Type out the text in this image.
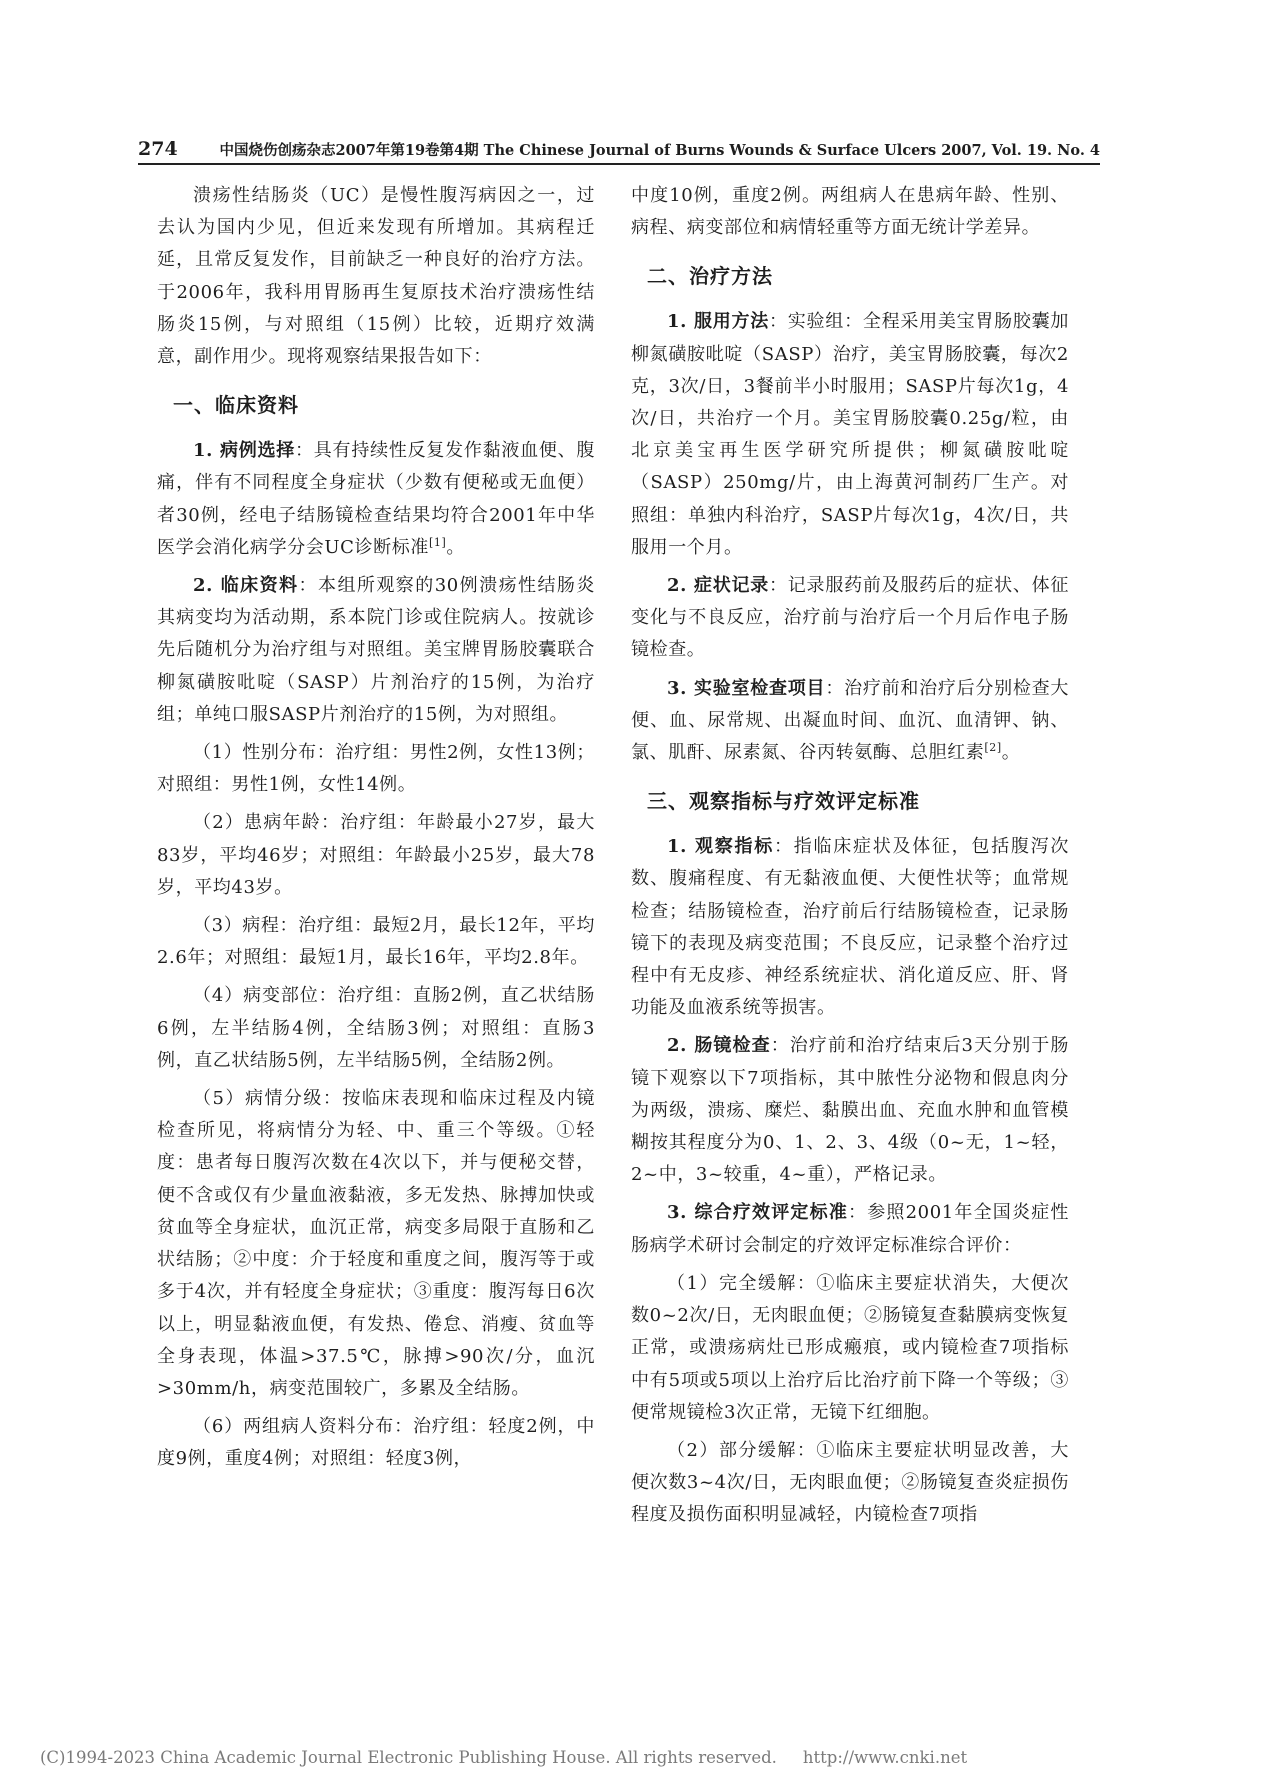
274	中国烧伤创疡杂志2007年第19卷第4期 The Chinese Journal of Burns Wounds & Surface Ulcers 2007, Vol. 19. No. 4

溃疡性结肠炎（UC）是慢性腹泻病因之一，过去认为国内少见，但近来发现有所增加。其病程迁延，且常反复发作，目前缺乏一种良好的治疗方法。于2006年，我科用胃肠再生复原技术治疗溃疡性结肠炎15例，与对照组（15例）比较，近期疗效满意，副作用少。现将观察结果报告如下：

一、临床资料

1. 病例选择：具有持续性反复发作黏液血便、腹痛，伴有不同程度全身症状（少数有便秘或无血便）者30例，经电子结肠镜检查结果均符合2001年中华医学会消化病学分会UC诊断标准[1]。

2. 临床资料：本组所观察的30例溃疡性结肠炎其病变均为活动期，系本院门诊或住院病人。按就诊先后随机分为治疗组与对照组。美宝牌胃肠胶囊联合柳氮磺胺吡啶（SASP）片剂治疗的15例，为治疗组；单纯口服SASP片剂治疗的15例，为对照组。

（1）性别分布：治疗组：男性2例，女性13例；对照组：男性1例，女性14例。

（2）患病年龄：治疗组：年龄最小27岁，最大83岁，平均46岁；对照组：年龄最小25岁，最大78岁，平均43岁。

（3）病程：治疗组：最短2月，最长12年，平均2.6年；对照组：最短1月，最长16年，平均2.8年。

（4）病变部位：治疗组：直肠2例，直乙状结肠6例，左半结肠4例，全结肠3例；对照组：直肠3例，直乙状结肠5例，左半结肠5例，全结肠2例。

（5）病情分级：按临床表现和临床过程及内镜检查所见，将病情分为轻、中、重三个等级。①轻度：患者每日腹泻次数在4次以下，并与便秘交替，便不含或仅有少量血液黏液，多无发热、脉搏加快或贫血等全身症状，血沉正常，病变多局限于直肠和乙状结肠；②中度：介于轻度和重度之间，腹泻等于或多于4次，并有轻度全身症状；③重度：腹泻每日6次以上，明显黏液血便，有发热、倦怠、消瘦、贫血等全身表现，体温>37.5℃，脉搏>90次/分，血沉>30mm/h，病变范围较广，多累及全结肠。

（6）两组病人资料分布：治疗组：轻度2例，中度9例，重度4例；对照组：轻度3例，

中度10例，重度2例。两组病人在患病年龄、性别、病程、病变部位和病情轻重等方面无统计学差异。

二、治疗方法

1. 服用方法：实验组：全程采用美宝胃肠胶囊加柳氮磺胺吡啶（SASP）治疗，美宝胃肠胶囊，每次2克，3次/日，3餐前半小时服用；SASP片每次1g，4次/日，共治疗一个月。美宝胃肠胶囊0.25g/粒，由北京美宝再生医学研究所提供；柳氮磺胺吡啶（SASP）250mg/片，由上海黄河制药厂生产。对照组：单独内科治疗，SASP片每次1g，4次/日，共服用一个月。

2. 症状记录：记录服药前及服药后的症状、体征变化与不良反应，治疗前与治疗后一个月后作电子肠镜检查。

3. 实验室检查项目：治疗前和治疗后分别检查大便、血、尿常规、出凝血时间、血沉、血清钾、钠、氯、肌酐、尿素氮、谷丙转氨酶、总胆红素[2]。

三、观察指标与疗效评定标准

1. 观察指标：指临床症状及体征，包括腹泻次数、腹痛程度、有无黏液血便、大便性状等；血常规检查；结肠镜检查，治疗前后行结肠镜检查，记录肠镜下的表现及病变范围；不良反应，记录整个治疗过程中有无皮疹、神经系统症状、消化道反应、肝、肾功能及血液系统等损害。

2. 肠镜检查：治疗前和治疗结束后3天分别于肠镜下观察以下7项指标，其中脓性分泌物和假息肉分为两级，溃疡、糜烂、黏膜出血、充血水肿和血管模糊按其程度分为0、1、2、3、4级（0~无，1~轻，2~中，3~较重，4~重），严格记录。

3. 综合疗效评定标准：参照2001年全国炎症性肠病学术研讨会制定的疗效评定标准综合评价：

（1）完全缓解：①临床主要症状消失，大便次数0~2次/日，无肉眼血便；②肠镜复查黏膜病变恢复正常，或溃疡病灶已形成瘢痕，或内镜检查7项指标中有5项或5项以上治疗后比治疗前下降一个等级；③便常规镜检3次正常，无镜下红细胞。

（2）部分缓解：①临床主要症状明显改善，大便次数3~4次/日，无肉眼血便；②肠镜复查炎症损伤程度及损伤面积明显减轻，内镜检查7项指

(C)1994-2023 China Academic Journal Electronic Publishing House. All rights reserved. http://www.cnki.net
